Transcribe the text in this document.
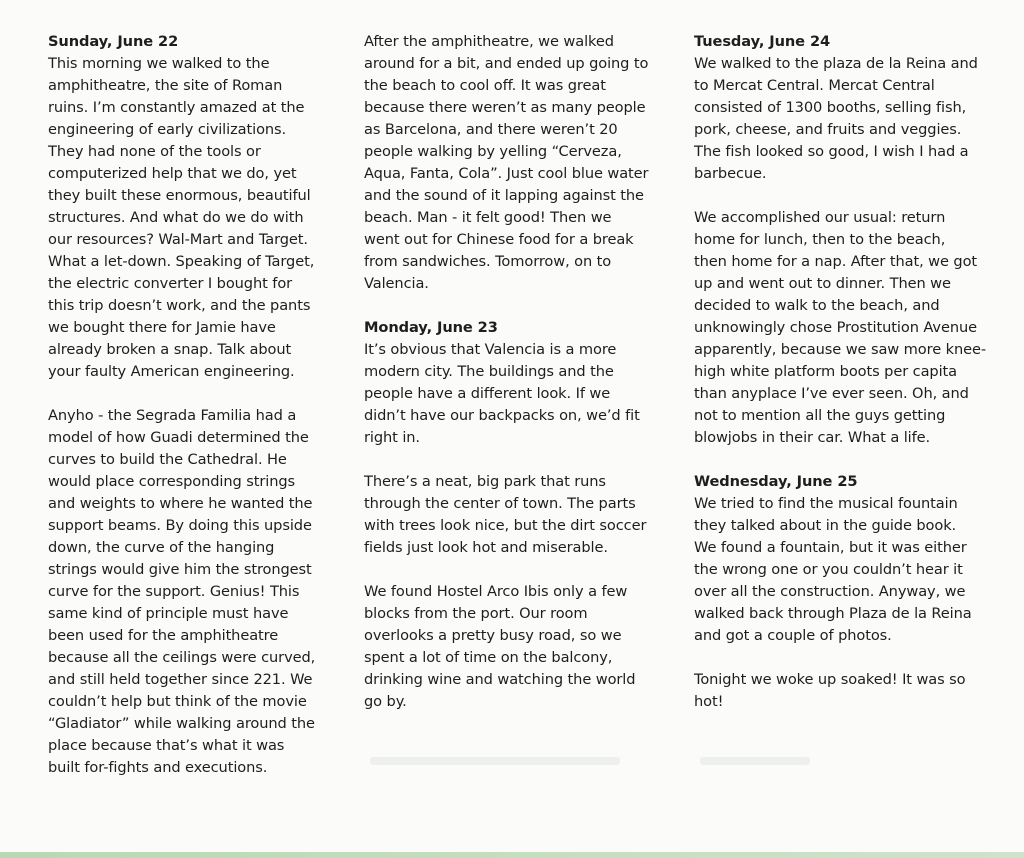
Sunday, June 22
This morning we walked to the
amphitheatre, the site of Roman
ruins. I’m constantly amazed at the
engineering of early civilizations.
They had none of the tools or
computerized help that we do, yet
they built these enormous, beautiful
structures. And what do we do with
our resources? Wal-Mart and Target.
What a let-down. Speaking of Target,
the electric converter I bought for
this trip doesn’t work, and the pants
we bought there for Jamie have
already broken a snap. Talk about
your faulty American engineering.
Anyho - the Segrada Familia had a
model of how Guadi determined the
curves to build the Cathedral. He
would place corresponding strings
and weights to where he wanted the
support beams. By doing this upside
down, the curve of the hanging
strings would give him the strongest
curve for the support. Genius! This
same kind of principle must have
been used for the amphitheatre
because all the ceilings were curved,
and still held together since 221. We
couldn’t help but think of the movie
“Gladiator” while walking around the
place because that’s what it was
built for-fights and executions.
After the amphitheatre, we walked
around for a bit, and ended up going to
the beach to cool off. It was great
because there weren’t as many people
as Barcelona, and there weren’t 20
people walking by yelling “Cerveza,
Aqua, Fanta, Cola”. Just cool blue water
and the sound of it lapping against the
beach. Man - it felt good! Then we
went out for Chinese food for a break
from sandwiches. Tomorrow, on to
Valencia.
Monday, June 23
It’s obvious that Valencia is a more
modern city. The buildings and the
people have a different look. If we
didn’t have our backpacks on, we’d fit
right in.
There’s a neat, big park that runs
through the center of town. The parts
with trees look nice, but the dirt soccer
fields just look hot and miserable.
We found Hostel Arco Ibis only a few
blocks from the port. Our room
overlooks a pretty busy road, so we
spent a lot of time on the balcony,
drinking wine and watching the world
go by.
Tuesday, June 24
We walked to the plaza de la Reina and
to Mercat Central. Mercat Central
consisted of 1300 booths, selling fish,
pork, cheese, and fruits and veggies.
The fish looked so good, I wish I had a
barbecue.
We accomplished our usual: return
home for lunch, then to the beach,
then home for a nap. After that, we got
up and went out to dinner. Then we
decided to walk to the beach, and
unknowingly chose Prostitution Avenue
apparently, because we saw more knee-
high white platform boots per capita
than anyplace I’ve ever seen. Oh, and
not to mention all the guys getting
blowjobs in their car. What a life.
Wednesday, June 25
We tried to find the musical fountain
they talked about in the guide book.
We found a fountain, but it was either
the wrong one or you couldn’t hear it
over all the construction. Anyway, we
walked back through Plaza de la Reina
and got a couple of photos.
Tonight we woke up soaked! It was so
hot!
